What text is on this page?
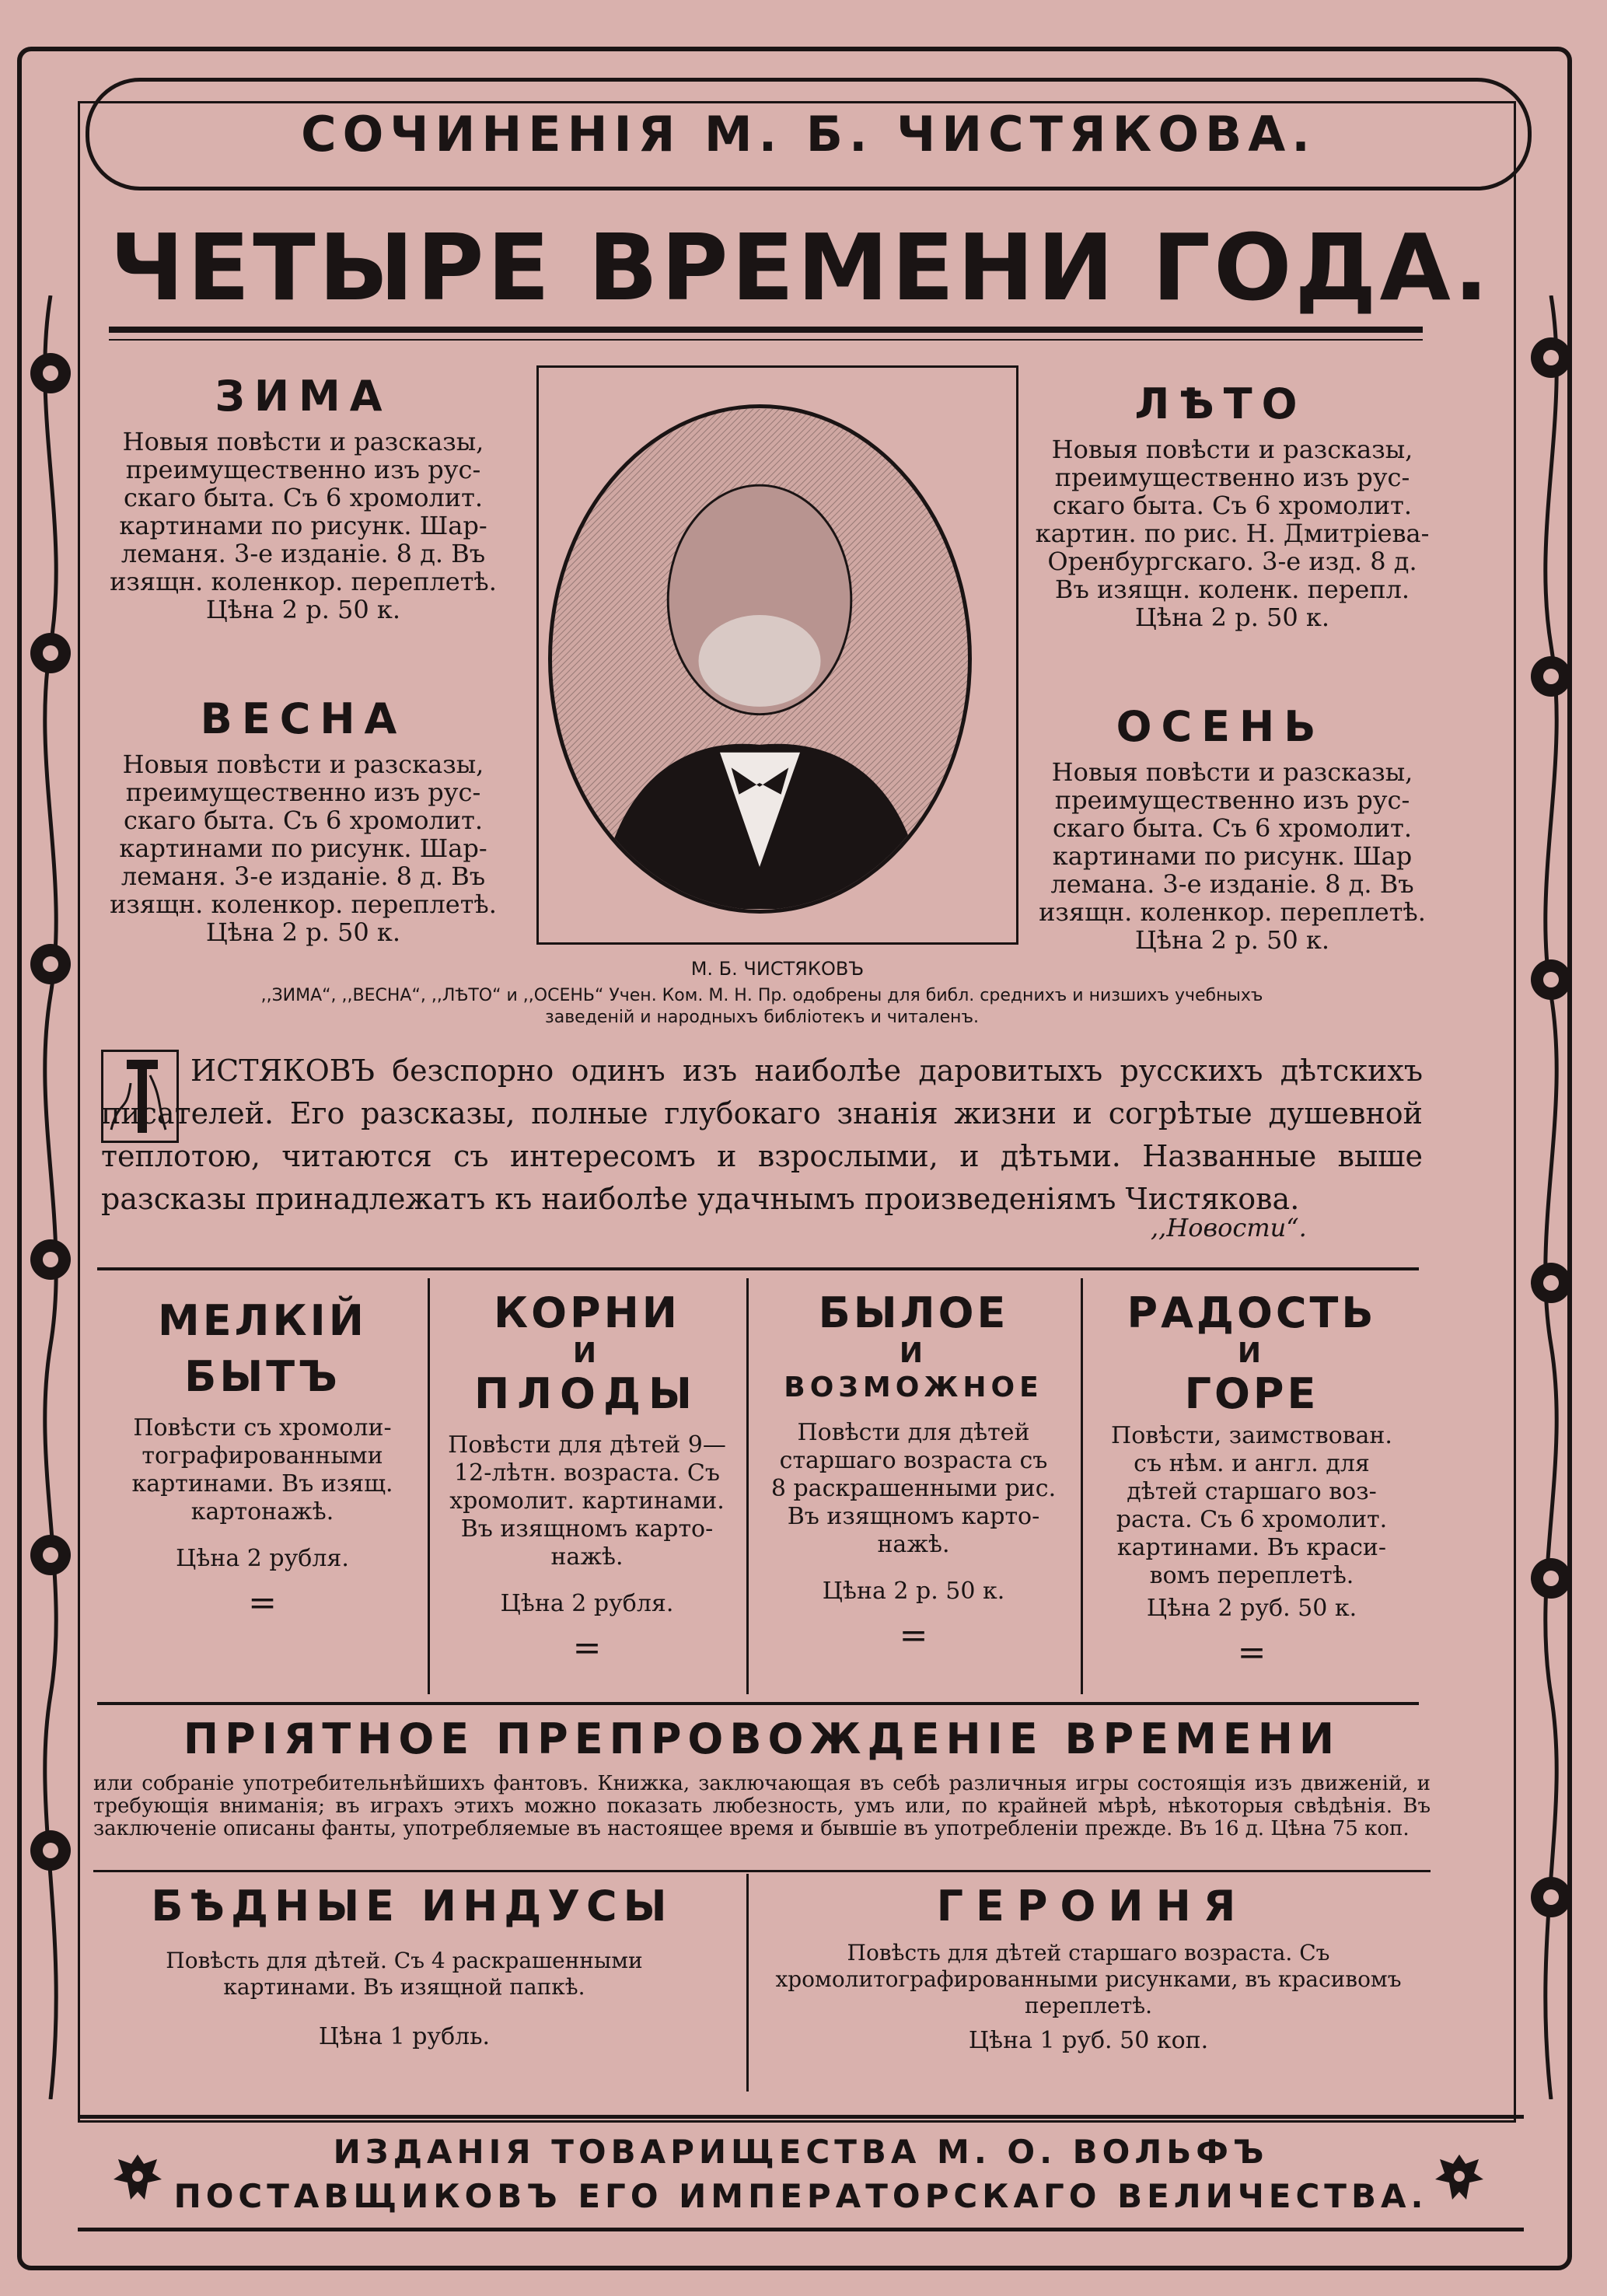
СОЧИНЕНІЯ М. Б. ЧИСТЯКОВА.
ЧЕТЫРЕ ВРЕМЕНИ ГОДА.
ЗИМА
Новыя повѣсти и разсказы,
преимущественно изъ рус-
скаго быта. Съ 6 хромолит.
картинами по рисунк. Шар-
леманя. 3-е изданіе. 8 д. Въ
изящн. коленкор. переплетѣ.
Цѣна 2 р. 50 к.
ВЕСНА
Новыя повѣсти и разсказы,
преимущественно изъ рус-
скаго быта. Съ 6 хромолит.
картинами по рисунк. Шар-
леманя. 3-е изданіе. 8 д. Въ
изящн. коленкор. переплетѣ.
Цѣна 2 р. 50 к.
ЛѢТО
Новыя повѣсти и разсказы,
преимущественно изъ рус-
скаго быта. Съ 6 хромолит.
картин. по рис. Н. Дмитріева-
Оренбургскаго. 3-е изд. 8 д.
Въ изящн. коленк. перепл.
Цѣна 2 р. 50 к.
ОСЕНЬ
Новыя повѣсти и разсказы,
преимущественно изъ рус-
скаго быта. Съ 6 хромолит.
картинами по рисунк. Шар
лемана. 3-е изданіе. 8 д. Въ
изящн. коленкор. переплетѣ.
Цѣна 2 р. 50 к.
М. Б. ЧИСТЯКОВЪ
,,ЗИМА“, ,,ВЕСНА“, ,,ЛѢТО“ и ,,ОСЕНЬ“ Учен. Ком. М. Н. Пр. одобрены для библ. среднихъ и низшихъ учебныхъ
заведеній и народныхъ библіотекъ и читаленъ.
ИСТЯКОВЪ безспорно одинъ изъ наиболѣе даровитыхъ русскихъ дѣтскихъ писателей. Его разсказы, полные глубокаго знанія жизни и согрѣтые душевной теплотою, читаются съ интересомъ и взрослыми, и дѣтьми. Названные выше разсказы принадлежатъ къ наиболѣе удачнымъ произведеніямъ Чистякова.
,,Новости“.
МЕЛКІЙ
БЫТЪ
Повѣсти съ хромоли-
тографированными
картинами. Въ изящ.
картонажѣ.
Цѣна 2 рубля.
=
КОРНИ
И
ПЛОДЫ
Повѣсти для дѣтей 9—
12-лѣтн. возраста. Съ
хромолит. картинами.
Въ изящномъ карто-
нажѣ.
Цѣна 2 рубля.
=
БЫЛОЕ
И
ВОЗМОЖНОЕ
Повѣсти для дѣтей
старшаго возраста съ
8 раскрашенными рис.
Въ изящномъ карто-
нажѣ.
Цѣна 2 р. 50 к.
=
РАДОСТЬ
И
ГОРЕ
Повѣсти, заимствован.
съ нѣм. и англ. для
дѣтей старшаго воз-
раста. Съ 6 хромолит.
картинами. Въ краси-
вомъ переплетѣ.
Цѣна 2 руб. 50 к.
=
ПРІЯТНОЕ ПРЕПРОВОЖДЕНІЕ ВРЕМЕНИ
или собраніе употребительнѣйшихъ фантовъ. Книжка, заключающая въ себѣ различныя игры состоящія изъ движеній, и требующія вниманія; въ играхъ этихъ можно показать любезность, умъ или, по крайней мѣрѣ, нѣкоторыя свѣдѣнія. Въ заключеніе описаны фанты, употребляемые въ настоящее время и бывшіе въ употребленіи прежде. Въ 16 д. Цѣна 75 коп.
БѢДНЫЕ ИНДУСЫ
Повѣсть для дѣтей. Съ 4 раскрашенными картинами. Въ изящной папкѣ.
Цѣна 1 рубль.
ГЕРОИНЯ
Повѣсть для дѣтей старшаго возраста. Съ хромолитографированными рисунками, въ красивомъ переплетѣ.
Цѣна 1 руб. 50 коп.
ИЗДАНІЯ ТОВАРИЩЕСТВА М. О. ВОЛЬФЪ
ПОСТАВЩИКОВЪ ЕГО ИМПЕРАТОРСКАГО ВЕЛИЧЕСТВА.
